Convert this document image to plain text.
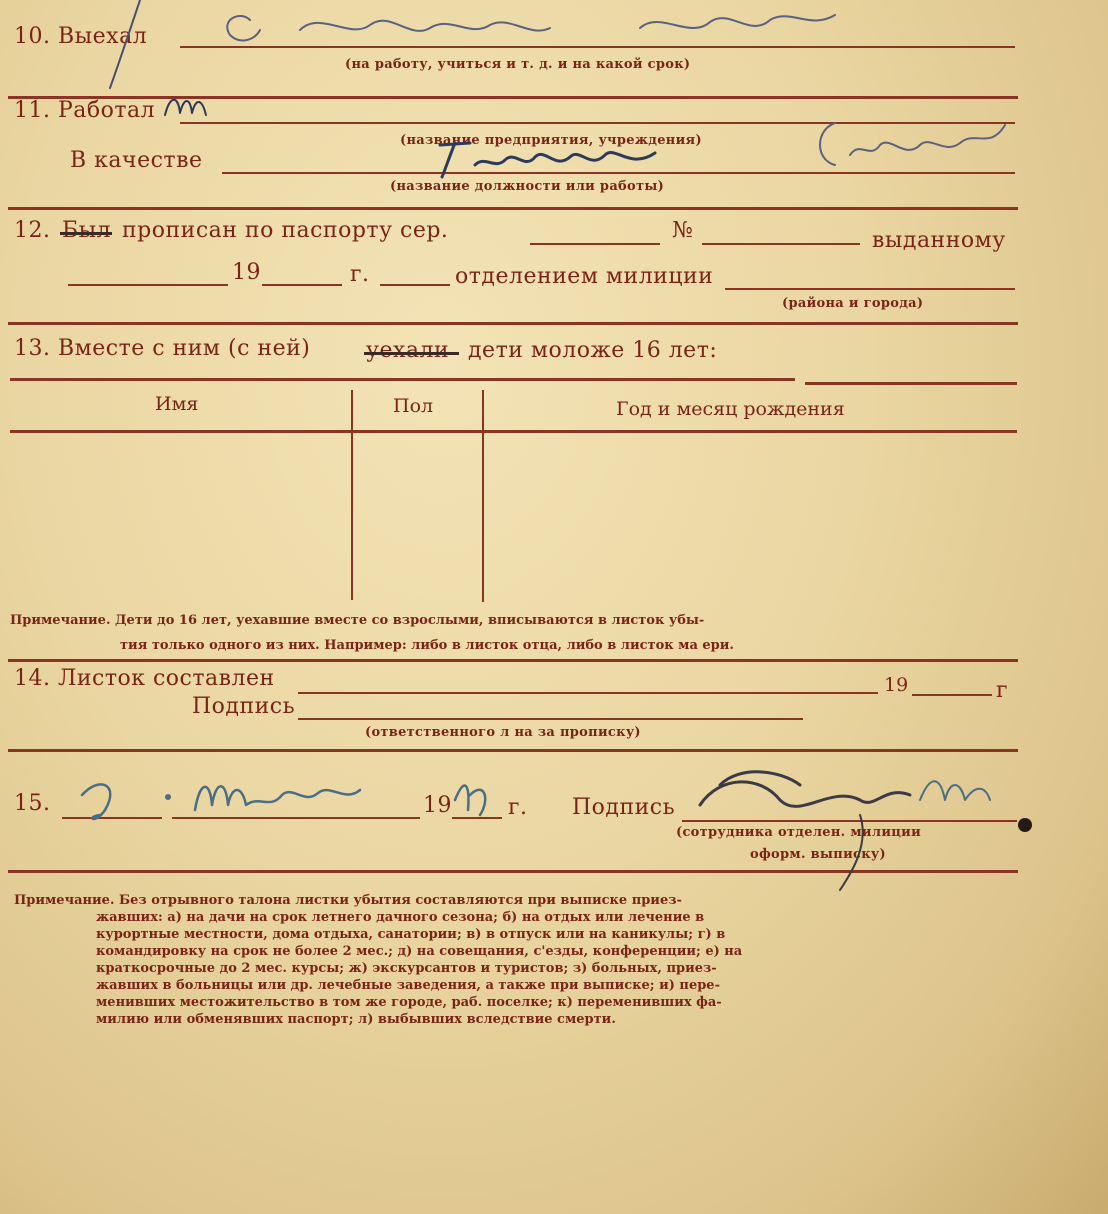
10. Выехал
(на работу, учиться и т. д. и на какой срок)
11. Работал
(название предприятия, учреждения)
В качестве
(название должности или работы)
12. Был прописан по паспорту сер.	№	выданному
19	г.	отделением милиции
(района и города)
13. Вместе с ним (с ней)	уехали дети моложе 16 лет:
Имя	Пол	Год и месяц рождения
Примечание. Дети до 16 лет, уехавшие вместе со взрослыми, вписываются в листок убы-
тия только одного из них. Например: либо в листок отца, либо в листок ма ери.
14. Листок составлен	19	г
Подпись
(ответственного л на за прописку)
15.	19	г. Подпись
(сотрудника отделен. милиции
оформ. выписку)
Примечание. Без отрывного талона листки убытия составляются при выписке приез-
жавших: а) на дачи на срок летнего дачного сезона; б) на отдых или лечение в
курортные местности, дома отдыха, санатории; в) в отпуск или на каникулы; г) в
командировку на срок не более 2 мес.; д) на совещания, с'езды, конференции; е) на
краткосрочные до 2 мес. курсы; ж) экскурсантов и туристов; з) больных, приез-
жавших в больницы или др. лечебные заведения, а также при выписке; и) пере-
менивших местожительство в том же городе, раб. поселке; к) переменивших фа-
милию или обменявших паспорт; л) выбывших вследствие смерти.
